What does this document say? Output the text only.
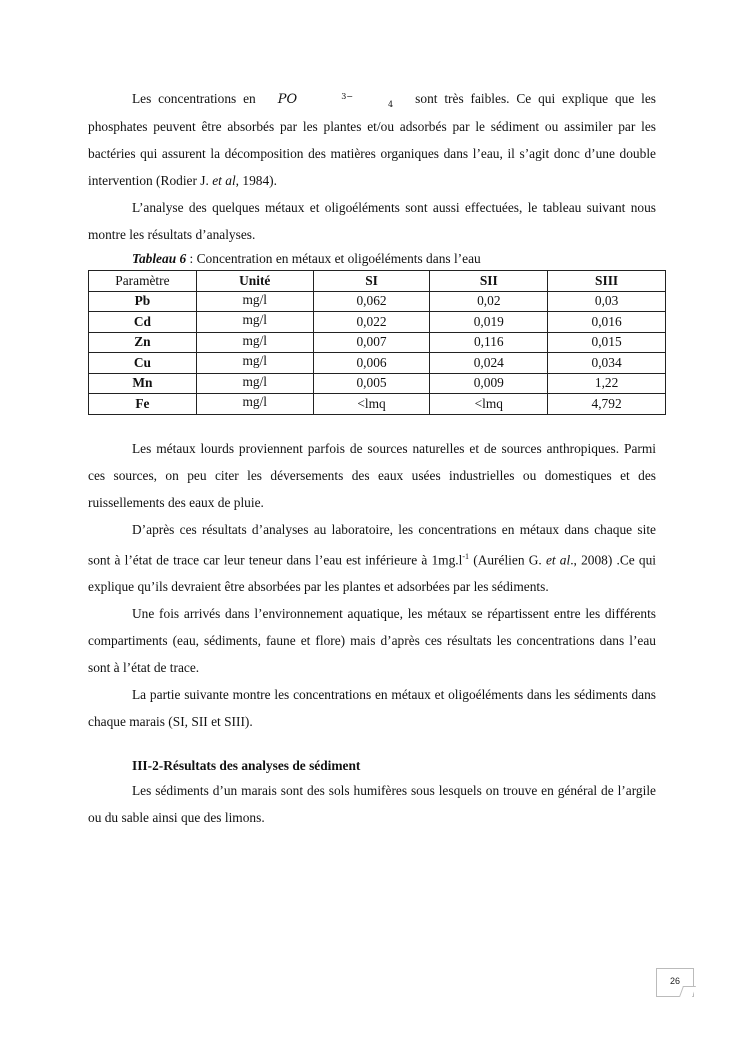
Les concentrations en PO	3−4 sont très faibles. Ce qui explique que les phosphates peuvent être absorbés par les plantes et/ou adsorbés par le sédiment ou assimiler par les bactéries qui assurent la décomposition des matières organiques dans l’eau, il s’agit donc d’une double intervention (Rodier J. et al, 1984).

L’analyse des quelques métaux et oligoéléments sont aussi effectuées, le tableau suivant nous montre les résultats d’analyses.

Tableau 6 : Concentration en métaux et oligoéléments dans l’eau

Paramètre	Unité	SI	SII	SIII
Pb	mg/l	0,062	0,02	0,03
Cd	mg/l	0,022	0,019	0,016
Zn	mg/l	0,007	0,116	0,015
Cu	mg/l	0,006	0,024	0,034
Mn	mg/l	0,005	0,009	1,22
Fe	mg/l	<lmq	<lmq	4,792

Les métaux lourds proviennent parfois de sources naturelles et de sources anthropiques. Parmi ces sources, on peu citer les déversements des eaux usées industrielles ou domestiques et des ruissellements des eaux de pluie.

D’après ces résultats d’analyses au laboratoire, les concentrations en métaux dans chaque site sont à l’état de trace car leur teneur dans l’eau est inférieure à $1mg.l^{-1}$ (Aurélien G. et al., 2008) .Ce qui explique qu’ils devraient être absorbées par les plantes et adsorbées par les sédiments.

Une fois arrivés dans l’environnement aquatique, les métaux se répartissent entre les différents compartiments (eau, sédiments, faune et flore) mais d’après ces résultats les concentrations dans l’eau sont à l’état de trace.

La partie suivante montre les concentrations en métaux et oligoéléments dans les sédiments dans chaque marais (SI, SII et SIII).

III-2-Résultats des analyses de sédiment

Les sédiments d’un marais sont des sols humifères sous lesquels on trouve en général de l’argile ou du sable ainsi que des limons.

26
